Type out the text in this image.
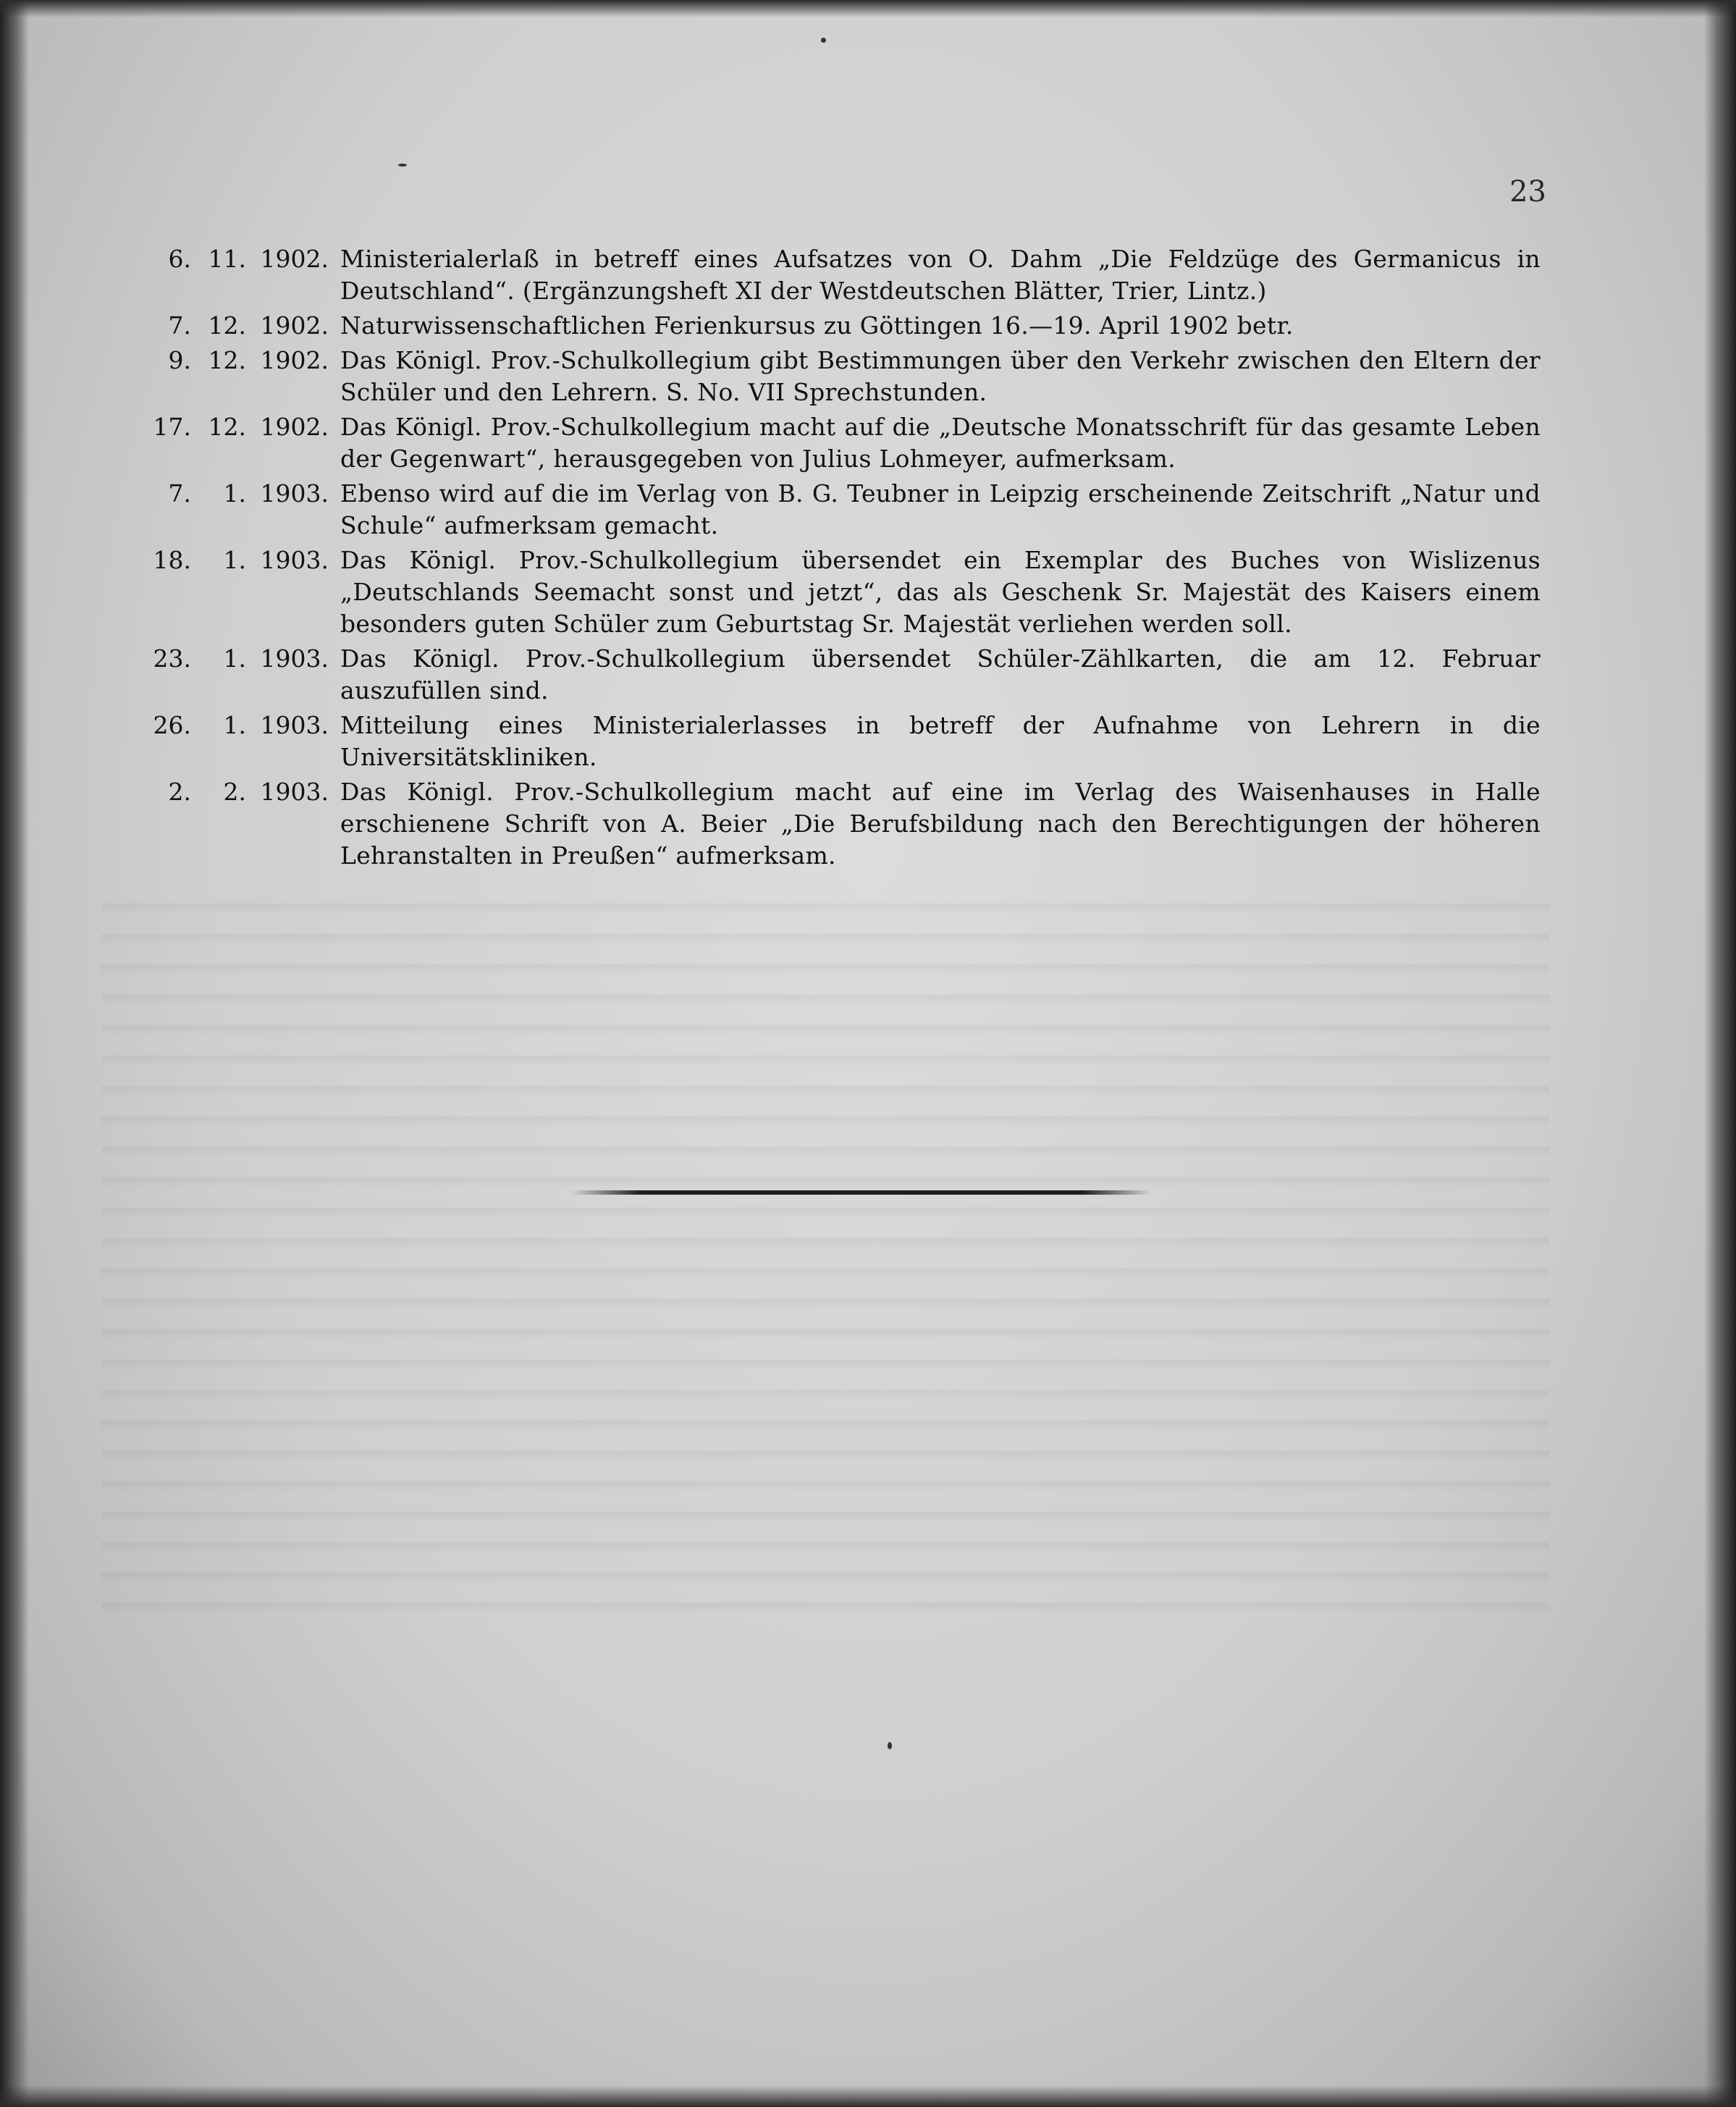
23
6. 11. 1902. Ministerialerlaß in betreff eines Aufsatzes von O. Dahm „Die Feldzüge des Germanicus in Deutschland“. (Ergänzungsheft XI der Westdeutschen Blätter, Trier, Lintz.)
7. 12. 1902. Naturwissenschaftlichen Ferienkursus zu Göttingen 16.—19. April 1902 betr.
9. 12. 1902. Das Königl. Prov.-Schulkollegium gibt Bestimmungen über den Verkehr zwischen den Eltern der Schüler und den Lehrern. S. No. VII Sprechstunden.
17. 12. 1902. Das Königl. Prov.-Schulkollegium macht auf die „Deutsche Monatsschrift für das gesamte Leben der Gegenwart“, herausgegeben von Julius Lohmeyer, aufmerksam.
7.	1. 1903. Ebenso wird auf die im Verlag von B. G. Teubner in Leipzig erscheinende Zeitschrift „Natur und Schule“ aufmerksam gemacht.
18.	1. 1903. Das Königl. Prov.-Schulkollegium übersendet ein Exemplar des Buches von Wislizenus „Deutschlands Seemacht sonst und jetzt“, das als Geschenk Sr. Majestät des Kaisers einem besonders guten Schüler zum Geburtstag Sr. Majestät verliehen werden soll.
23.	1. 1903. Das Königl. Prov.-Schulkollegium übersendet Schüler-Zählkarten, die am 12. Februar auszufüllen sind.
26.	1. 1903. Mitteilung eines Ministerialerlasses in betreff der Aufnahme von Lehrern in die Universitätskliniken.
2.	2. 1903. Das Königl. Prov.-Schulkollegium macht auf eine im Verlag des Waisenhauses in Halle erschienene Schrift von A. Beier „Die Berufsbildung nach den Berechtigungen der höheren Lehranstalten in Preußen“ aufmerksam.
